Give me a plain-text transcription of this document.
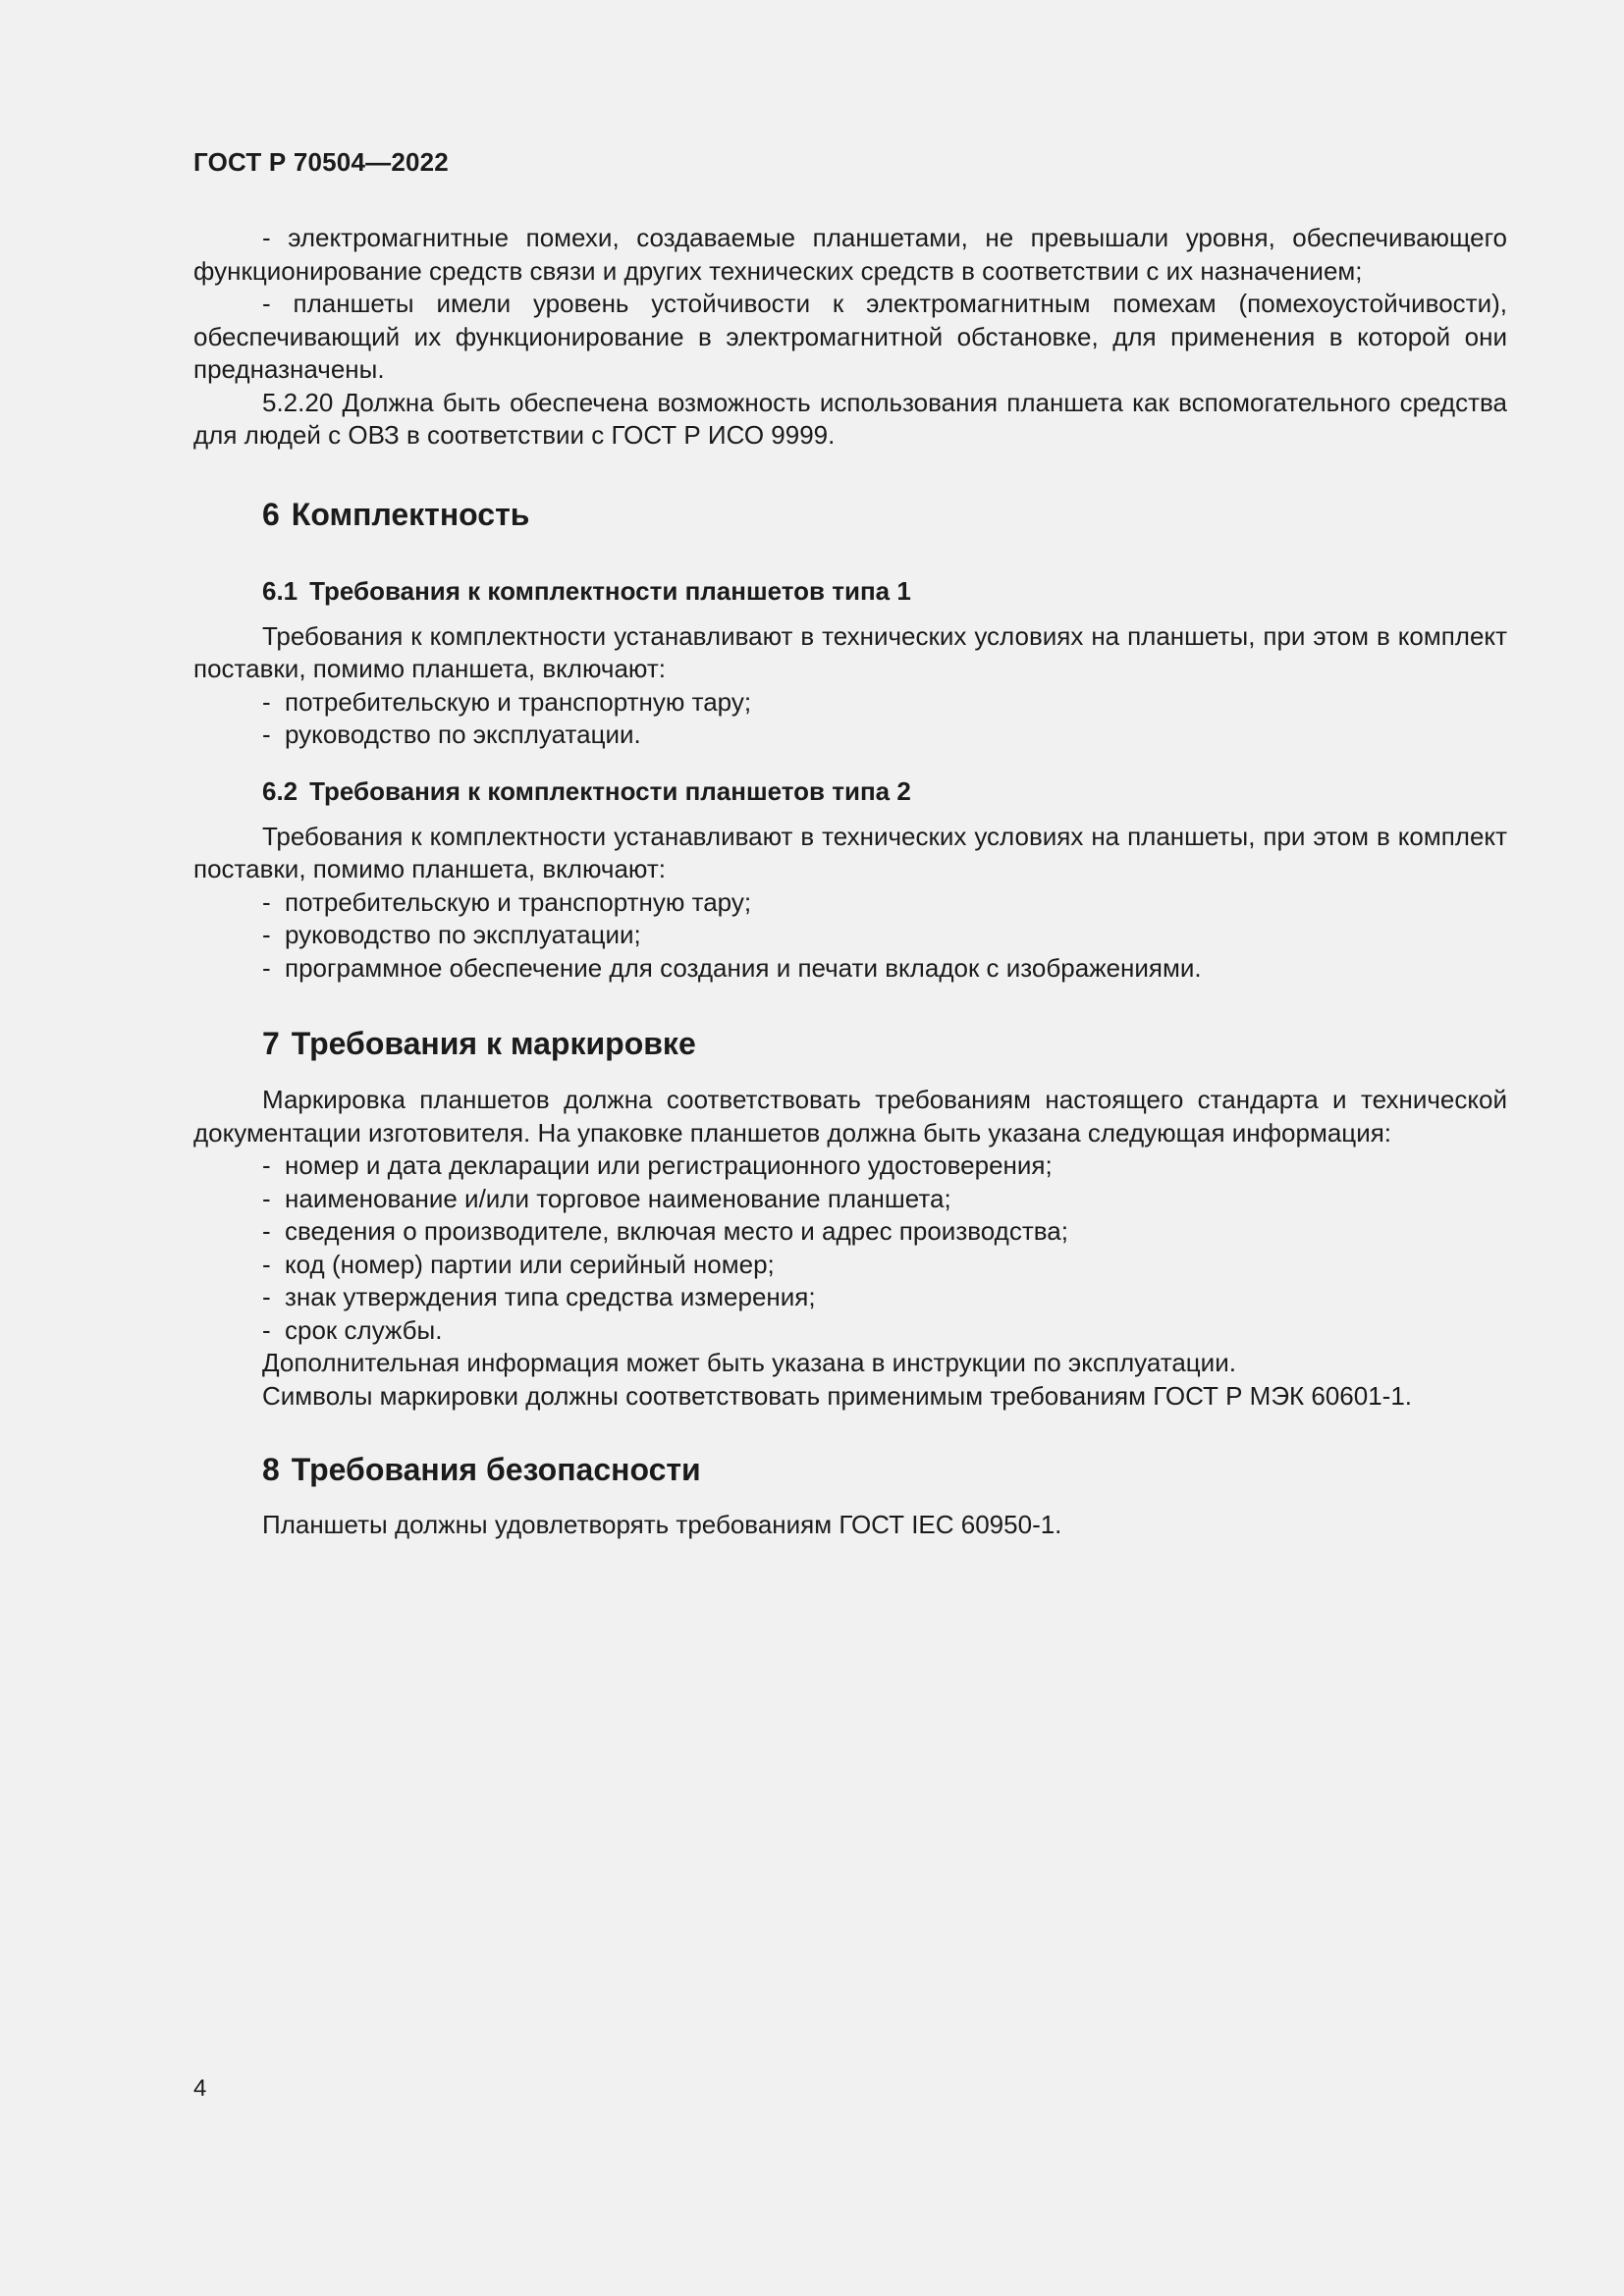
ГОСТ Р 70504—2022

- электромагнитные помехи, создаваемые планшетами, не превышали уровня, обеспечивающего функционирование средств связи и других технических средств в соответствии с их назначением;

- планшеты имели уровень устойчивости к электромагнитным помехам (помехоустойчивости), обеспечивающий их функционирование в электромагнитной обстановке, для применения в которой они предназначены.

5.2.20 Должна быть обеспечена возможность использования планшета как вспомогательного средства для людей с ОВЗ в соответствии с ГОСТ Р ИСО 9999.

6 Комплектность
6.1 Требования к комплектности планшетов типа 1

Требования к комплектности устанавливают в технических условиях на планшеты, при этом в комплект поставки, помимо планшета, включают:

- потребительскую и транспортную тару;
- руководство по эксплуатации.
6.2 Требования к комплектности планшетов типа 2

Требования к комплектности устанавливают в технических условиях на планшеты, при этом в комплект поставки, помимо планшета, включают:

- потребительскую и транспортную тару;
- руководство по эксплуатации;
- программное обеспечение для создания и печати вкладок с изображениями.
7 Требования к маркировке

Маркировка планшетов должна соответствовать требованиям настоящего стандарта и технической документации изготовителя. На упаковке планшетов должна быть указана следующая информация:

- номер и дата декларации или регистрационного удостоверения;
- наименование и/или торговое наименование планшета;
- сведения о производителе, включая место и адрес производства;
- код (номер) партии или серийный номер;
- знак утверждения типа средства измерения;
- срок службы.
Дополнительная информация может быть указана в инструкции по эксплуатации.
Символы маркировки должны соответствовать применимым требованиям ГОСТ Р МЭК 60601-1.
8 Требования безопасности
Планшеты должны удовлетворять требованиям ГОСТ IEC 60950-1.
4
